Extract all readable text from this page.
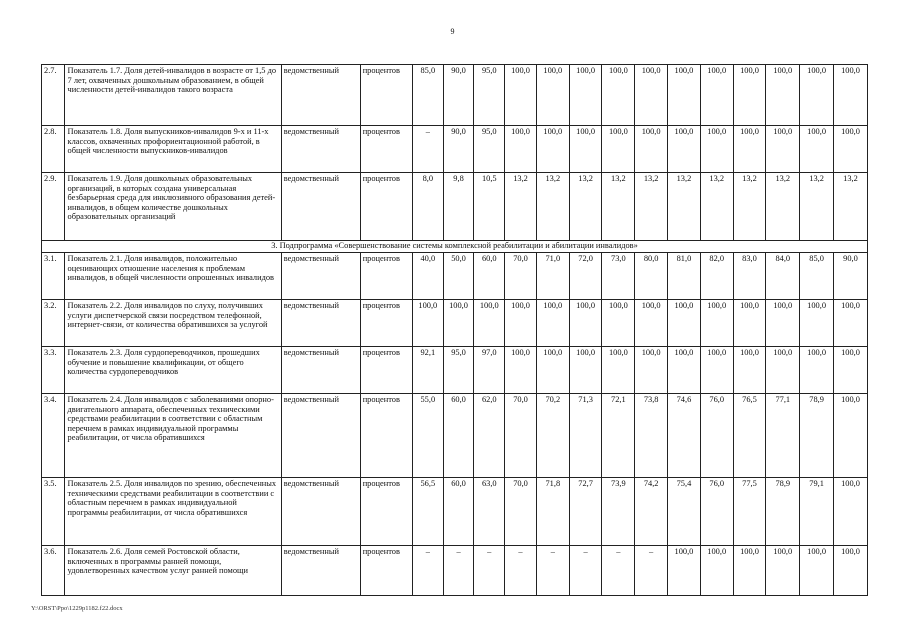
9
2.7.	Показатель 1.7. Доля детей-инвалидов в возрасте от 1,5 до 7 лет, охваченных дошкольным образованием, в общей численности детей-инвалидов такого возраста	ведомственный	процентов	85,0	90,0	95,0	100,0	100,0	100,0	100,0	100,0	100,0	100,0	100,0	100,0	100,0	100,0
2.8.	Показатель 1.8. Доля выпускников-инвалидов 9-х и 11-х классов, охваченных профориентационной работой, в общей численности выпускников-инвалидов	ведомственный	процентов	–	90,0	95,0	100,0	100,0	100,0	100,0	100,0	100,0	100,0	100,0	100,0	100,0	100,0
2.9.	Показатель 1.9. Доля дошкольных образовательных организаций, в которых создана универсальная безбарьерная среда для инклюзивного образования детей-инвалидов, в общем количестве дошкольных образовательных организаций	ведомственный	процентов	8,0	9,8	10,5	13,2	13,2	13,2	13,2	13,2	13,2	13,2	13,2	13,2	13,2	13,2
3. Подпрограмма «Совершенствование системы комплексной реабилитации и абилитации инвалидов»																	
3.1.	Показатель 2.1. Доля инвалидов, положительно оценивающих отношение населения к проблемам инвалидов, в общей численности опрошенных инвалидов	ведомственный	процентов	40,0	50,0	60,0	70,0	71,0	72,0	73,0	80,0	81,0	82,0	83,0	84,0	85,0	90,0
3.2.	Показатель 2.2. Доля инвалидов по слуху, получивших услуги диспетчерской связи посредством телефонной, интернет-связи, от количества обратившихся за услугой	ведомственный	процентов	100,0	100,0	100,0	100,0	100,0	100,0	100,0	100,0	100,0	100,0	100,0	100,0	100,0	100,0
3.3.	Показатель 2.3. Доля сурдопереводчиков, прошедших обучение и повышение квалификации, от общего количества сурдопереводчиков	ведомственный	процентов	92,1	95,0	97,0	100,0	100,0	100,0	100,0	100,0	100,0	100,0	100,0	100,0	100,0	100,0
3.4.	Показатель 2.4. Доля инвалидов с заболеваниями опорно-двигательного аппарата, обеспеченных техническими средствами реабилитации в соответствии с областным перечнем в рамках индивидуальной программы реабилитации, от числа обратившихся	ведомственный	процентов	55,0	60,0	62,0	70,0	70,2	71,3	72,1	73,8	74,6	76,0	76,5	77,1	78,9	100,0
3.5.	Показатель 2.5. Доля инвалидов по зрению, обеспеченных техническими средствами реабилитации в соответствии с областным перечнем в рамках индивидуальной программы реабилитации, от числа обратившихся	ведомственный	процентов	56,5	60,0	63,0	70,0	71,8	72,7	73,9	74,2	75,4	76,0	77,5	78,9	79,1	100,0
3.6.	Показатель 2.6. Доля семей Ростовской области, включенных в программы ранней помощи, удовлетворенных качеством услуг ранней помощи	ведомственный	процентов	–	–	–	–	–	–	–	–	100,0	100,0	100,0	100,0	100,0	100,0
Y:\ORST\Ppo\1229p1182.f22.docx
